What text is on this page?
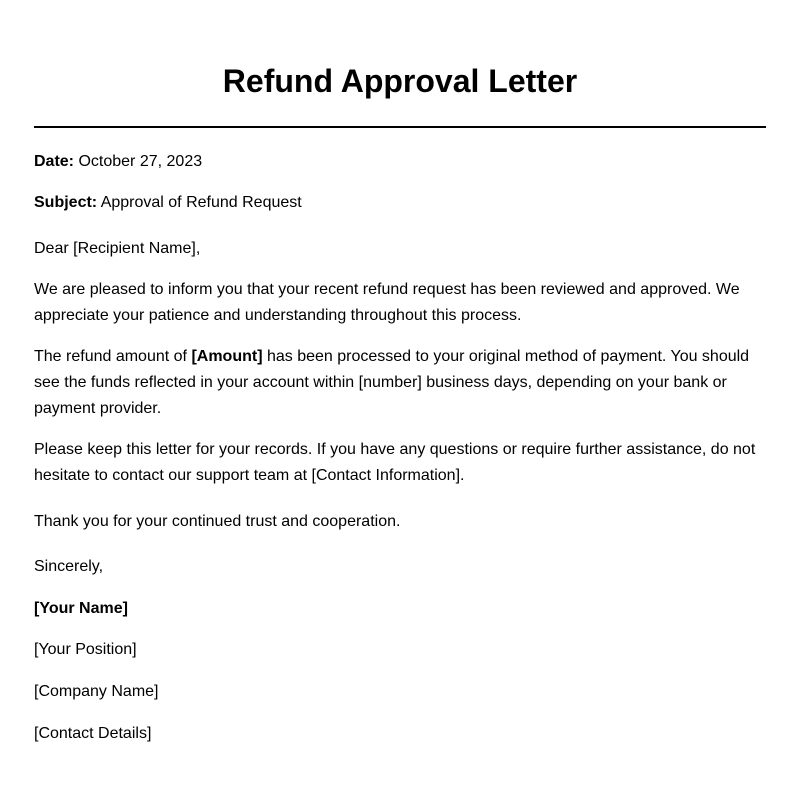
Refund Approval Letter

Date: October 27, 2023

Subject: Approval of Refund Request

Dear [Recipient Name],

We are pleased to inform you that your recent refund request has been reviewed and approved. We appreciate your patience and understanding throughout this process.

The refund amount of [Amount] has been processed to your original method of payment. You should see the funds reflected in your account within [number] business days, depending on your bank or payment provider.

Please keep this letter for your records. If you have any questions or require further assistance, do not hesitate to contact our support team at [Contact Information].

Thank you for your continued trust and cooperation.

Sincerely,

[Your Name]

[Your Position]

[Company Name]

[Contact Details]
